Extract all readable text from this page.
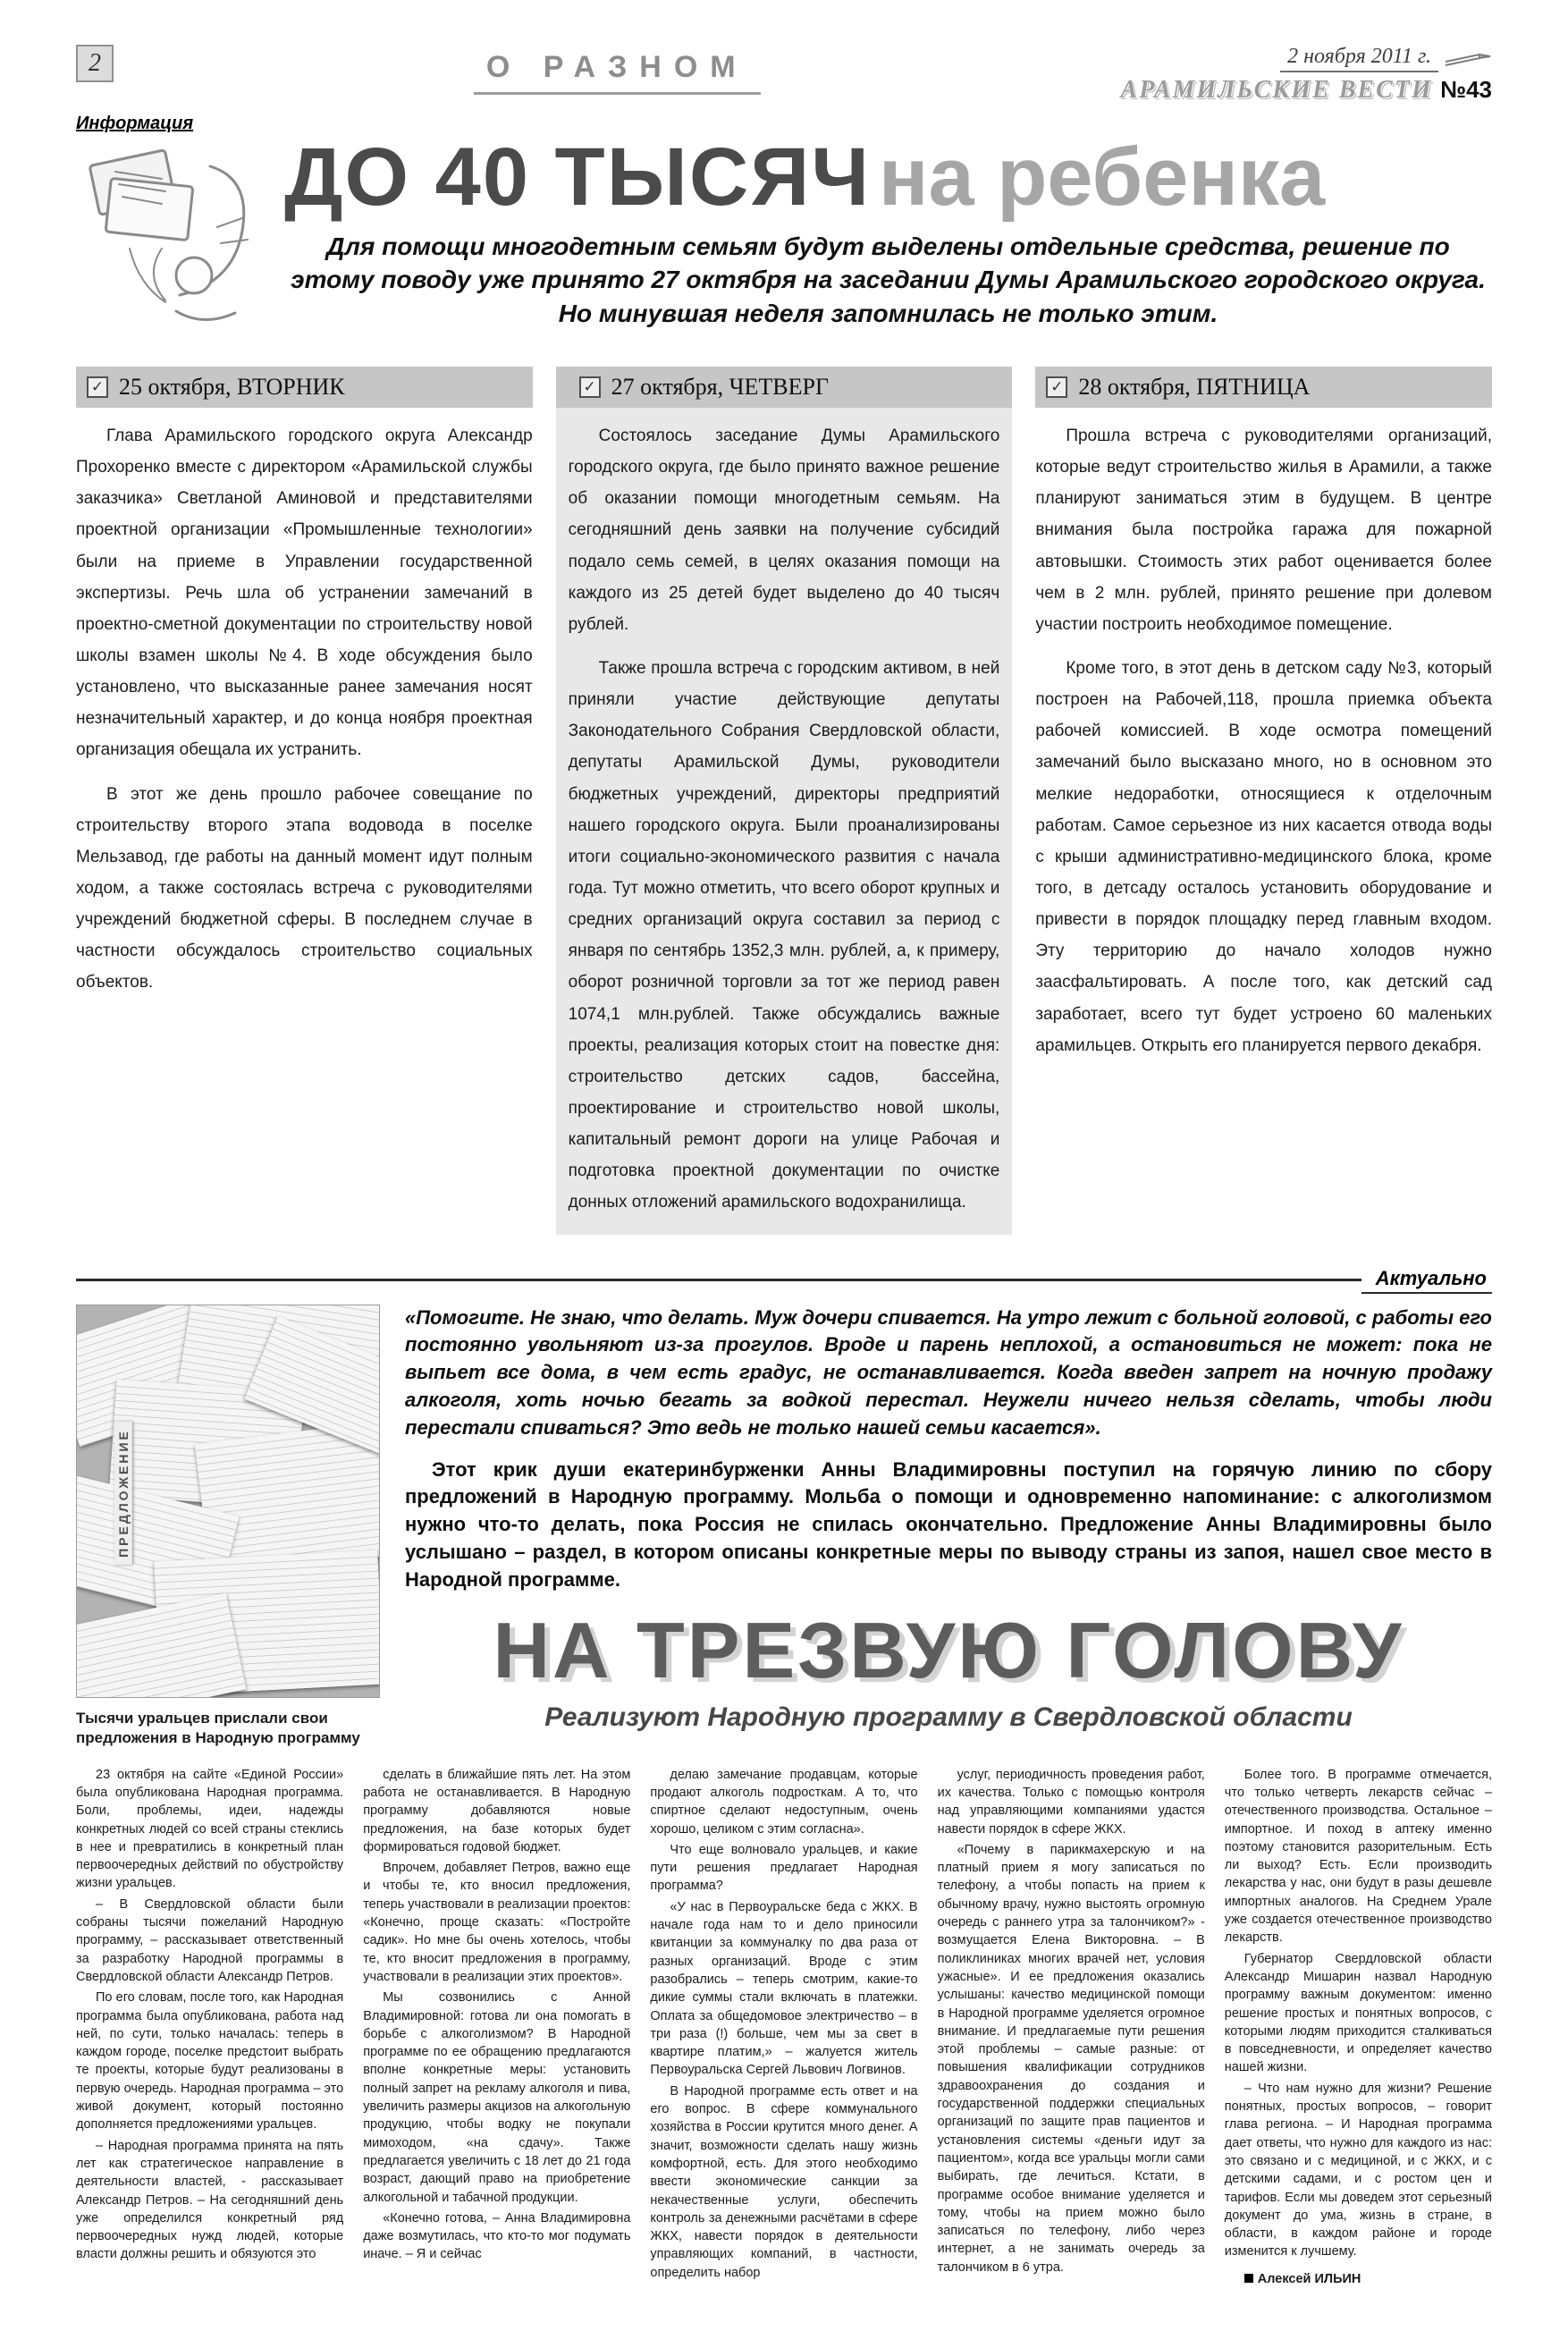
2	О РАЗНОМ	2 ноября 2011 г.
АРАМИЛЬСКИЕ ВЕСТИ №43
Информация
ДО 40 ТЫСЯЧ на ребенка

Для помощи многодетным семьям будут выделены отдельные средства, решение по этому поводу уже принято 27 октября на заседании Думы Арамильского городского округа. Но минувшая неделя запомнилась не только этим.

✓
25 октября, ВТОРНИК

Глава Арамильского городского округа Александр Прохоренко вместе с директором «Арамильской службы заказчика» Светланой Аминовой и представителями проектной организации «Промышленные технологии» были на приеме в Управлении государственной экспертизы. Речь шла об устранении замечаний в проектно-сметной документации по строительству новой школы взамен школы №4. В ходе обсуждения было установлено, что высказанные ранее замечания носят незначительный характер, и до конца ноября проектная организация обещала их устранить.

В этот же день прошло рабочее совещание по строительству второго этапа водовода в поселке Мельзавод, где работы на данный момент идут полным ходом, а также состоялась встреча с руководителями учреждений бюджетной сферы. В последнем случае в частности обсуждалось строительство социальных объектов.

✓
27 октября, ЧЕТВЕРГ

Состоялось заседание Думы Арамильского городского округа, где было принято важное решение об оказании помощи многодетным семьям. На сегодняшний день заявки на получение субсидий подало семь семей, в целях оказания помощи на каждого из 25 детей будет выделено до 40 тысяч рублей.

Также прошла встреча с городским активом, в ней приняли участие действующие депутаты Законодательного Собрания Свердловской области, депутаты Арамильской Думы, руководители бюджетных учреждений, директоры предприятий нашего городского округа. Были проанализированы итоги социально-экономического развития с начала года. Тут можно отметить, что всего оборот крупных и средних организаций округа составил за период с января по сентябрь 1352,3 млн. рублей, а, к примеру, оборот розничной торговли за тот же период равен 1074,1 млн.рублей. Также обсуждались важные проекты, реализация которых стоит на повестке дня: строительство детских садов, бассейна, проектирование и строительство новой школы, капитальный ремонт дороги на улице Рабочая и подготовка проектной документации по очистке донных отложений арамильского водохранилища.

✓
28 октября, ПЯТНИЦА

Прошла встреча с руководителями организаций, которые ведут строительство жилья в Арамили, а также планируют заниматься этим в будущем. В центре внимания была постройка гаража для пожарной автовышки. Стоимость этих работ оценивается более чем в 2 млн. рублей, принято решение при долевом участии построить необходимое помещение.

Кроме того, в этот день в детском саду №3, который построен на Рабочей,118, прошла приемка объекта рабочей комиссией. В ходе осмотра помещений замечаний было высказано много, но в основном это мелкие недоработки, относящиеся к отделочным работам. Самое серьезное из них касается отвода воды с крыши административно-медицинского блока, кроме того, в детсаду осталось установить оборудование и привести в порядок площадку перед главным входом. Эту территорию до начало холодов нужно заасфальтировать. А после того, как детский сад заработает, всего тут будет устроено 60 маленьких арамильцев. Открыть его планируется первого декабря.

Актуально
ПРЕДЛОЖЕНИЕ
Тысячи уральцев прислали свои предложения в Народную программу

«Помогите. Не знаю, что делать. Муж дочери спивается. На утро лежит с больной головой, с работы его постоянно увольняют из-за прогулов. Вроде и парень неплохой, а остановиться не может: пока не выпьет все дома, в чем есть градус, не останавливается. Когда введен запрет на ночную продажу алкоголя, хоть ночью бегать за водкой перестал. Неужели ничего нельзя сделать, чтобы люди перестали спиваться? Это ведь не только нашей семьи касается».

Этот крик души екатеринбурженки Анны Владимировны поступил на горячую линию по сбору предложений в Народную программу. Мольба о помощи и одновременно напоминание: с алкоголизмом нужно что-то делать, пока Россия не спилась окончательно. Предложение Анны Владимировны было услышано – раздел, в котором описаны конкретные меры по выводу страны из запоя, нашел свое место в Народной программе.

НА ТРЕЗВУЮ ГОЛОВУ
Реализуют Народную программу в Свердловской области

23 октября на сайте «Единой России» была опубликована Народная программа. Боли, проблемы, идеи, надежды конкретных людей со всей страны стеклись в нее и превратились в конкретный план первоочередных действий по обустройству жизни уральцев.

– В Свердловской области были собраны тысячи пожеланий Народную программу, – рассказывает ответственный за разработку Народной программы в Свердловской области Александр Петров.

По его словам, после того, как Народная программа была опубликована, работа над ней, по сути, только началась: теперь в каждом городе, поселке предстоит выбрать те проекты, которые будут реализованы в первую очередь. Народная программа – это живой документ, который постоянно дополняется предложениями уральцев.

– Народная программа принята на пять лет как стратегическое направление в деятельности властей, - рассказывает Александр Петров. – На сегодняшний день уже определился конкретный ряд первоочередных нужд людей, которые власти должны решить и обязуются это

сделать в ближайшие пять лет. На этом работа не останавливается. В Народную программу добавляются новые предложения, на базе которых будет формироваться годовой бюджет.

Впрочем, добавляет Петров, важно еще и чтобы те, кто вносил предложения, теперь участвовали в реализации проектов: «Конечно, проще сказать: «Постройте садик». Но мне бы очень хотелось, чтобы те, кто вносит предложения в программу, участвовали в реализации этих проектов».

Мы созвонились с Анной Владимировной: готова ли она помогать в борьбе с алкоголизмом? В Народной программе по ее обращению предлагаются вполне конкретные меры: установить полный запрет на рекламу алкоголя и пива, увеличить размеры акцизов на алкогольную продукцию, чтобы водку не покупали мимоходом, «на сдачу». Также предлагается увеличить с 18 лет до 21 года возраст, дающий право на приобретение алкогольной и табачной продукции.

«Конечно готова, – Анна Владимировна даже возмутилась, что кто-то мог подумать иначе. – Я и сейчас

делаю замечание продавцам, которые продают алкоголь подросткам. А то, что спиртное сделают недоступным, очень хорошо, целиком с этим согласна».

Что еще волновало уральцев, и какие пути решения предлагает Народная программа?

«У нас в Первоуральске беда с ЖКХ. В начале года нам то и дело приносили квитанции за коммуналку по два раза от разных организаций. Вроде с этим разобрались – теперь смотрим, какие-то дикие суммы стали включать в платежки. Оплата за общедомовое электричество – в три раза (!) больше, чем мы за свет в квартире платим,» – жалуется житель Первоуральска Сергей Львович Логвинов.

В Народной программе есть ответ и на его вопрос. В сфере коммунального хозяйства в России крутится много денег. А значит, возможности сделать нашу жизнь комфортной, есть. Для этого необходимо ввести экономические санкции за некачественные услуги, обеспечить контроль за денежными расчётами в сфере ЖКХ, навести порядок в деятельности управляющих компаний, в частности, определить набор

услуг, периодичность проведения работ, их качества. Только с помощью контроля над управляющими компаниями удастся навести порядок в сфере ЖКХ.

«Почему в парикмахерскую и на платный прием я могу записаться по телефону, а чтобы попасть на прием к обычному врачу, нужно выстоять огромную очередь с раннего утра за талончиком?» - возмущается Елена Викторовна. – В поликлиниках многих врачей нет, условия ужасные». И ее предложения оказались услышаны: качество медицинской помощи в Народной программе уделяется огромное внимание. И предлагаемые пути решения этой проблемы – самые разные: от повышения квалификации сотрудников здравоохранения до создания и государственной поддержки специальных организаций по защите прав пациентов и установления системы «деньги идут за пациентом», когда все уральцы могли сами выбирать, где лечиться. Кстати, в программе особое внимание уделяется и тому, чтобы на прием можно было записаться по телефону, либо через интернет, а не занимать очередь за талончиком в 6 утра.

Более того. В программе отмечается, что только четверть лекарств сейчас – отечественного производства. Остальное – импортное. И поход в аптеку именно поэтому становится разорительным. Есть ли выход? Есть. Если производить лекарства у нас, они будут в разы дешевле импортных аналогов. На Среднем Урале уже создается отечественное производство лекарств.

Губернатор Свердловской области Александр Мишарин назвал Народную программу важным документом: именно решение простых и понятных вопросов, с которыми людям приходится сталкиваться в повседневности, и определяет качество нашей жизни.

– Что нам нужно для жизни? Решение понятных, простых вопросов, – говорит глава региона. – И Народная программа дает ответы, что нужно для каждого из нас: это связано и с медициной, и с ЖКХ, и с детскими садами, и с ростом цен и тарифов. Если мы доведем этот серьезный документ до ума, жизнь в стране, в области, в каждом районе и городе изменится к лучшему.

Алексей ИЛЬИН
